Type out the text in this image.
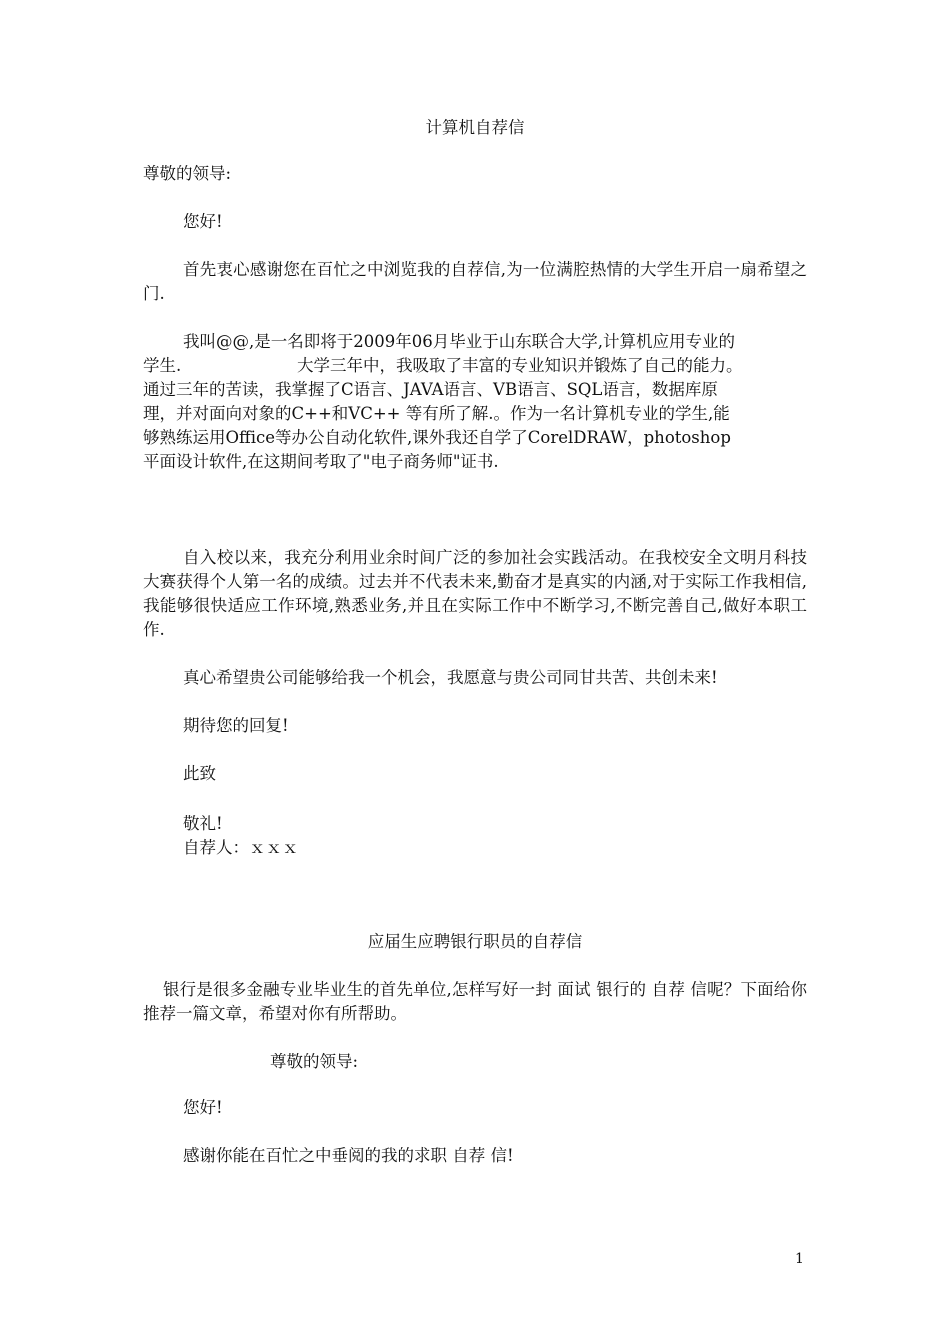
计算机自荐信
尊敬的领导:
您好!
首先衷心感谢您在百忙之中浏览我的自荐信,为一位满腔热情的大学生开启一扇希望之门.
我叫@@,是一名即将于2009年06月毕业于山东联合大学,计算机应用专业的
学生.	大学三年中，我吸取了丰富的专业知识并锻炼了自己的能力。
通过三年的苦读，我掌握了C语言、JAVA语言、VB语言、SQL语言，数据库原
理，并对面向对象的C++和VC++ 等有所了解.。作为一名计算机专业的学生,能
够熟练运用Office等办公自动化软件,课外我还自学了CorelDRAW，photoshop
平面设计软件,在这期间考取了"电子商务师"证书.
自入校以来，我充分利用业余时间广泛的参加社会实践活动。在我校安全文明月科技大赛获得个人第一名的成绩。过去并不代表未来,勤奋才是真实的内涵,对于实际工作我相信,我能够很快适应工作环境,熟悉业务,并且在实际工作中不断学习,不断完善自己,做好本职工作.
真心希望贵公司能够给我一个机会，我愿意与贵公司同甘共苦、共创未来!
期待您的回复!
此致
敬礼!
自荐人：ｘｘｘ
应届生应聘银行职员的自荐信
银行是很多金融专业毕业生的首先单位,怎样写好一封 面试 银行的 自荐 信呢？下面给你推荐一篇文章，希望对你有所帮助。
尊敬的领导:
您好!
感谢你能在百忙之中垂阅的我的求职 自荐 信!
1
